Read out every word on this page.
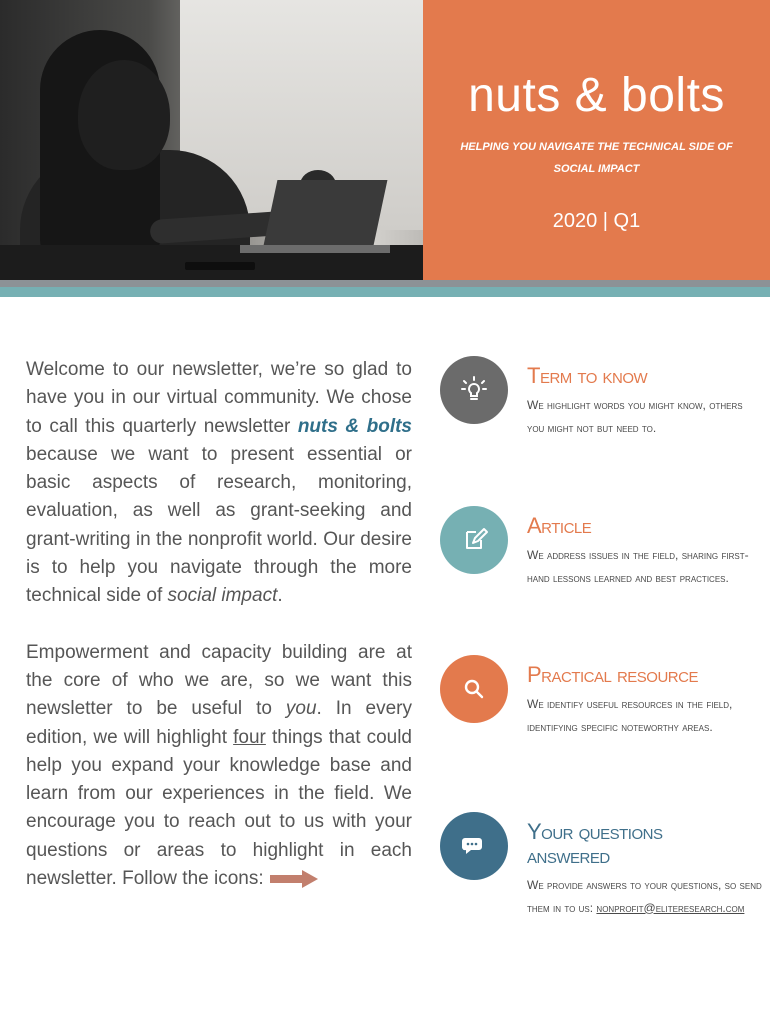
nuts & bolts
HELPING YOU NAVIGATE THE TECHNICAL SIDE OF SOCIAL IMPACT
2020 | Q1

Welcome to our newsletter, we’re so glad to have you in our virtual community. We chose to call this quarterly newsletter nuts & bolts because we want to present essential or basic aspects of research, monitoring, evaluation, as well as grant-seeking and grant-writing in the nonprofit world. Our desire is to help you navigate through the more technical side of social impact.

Empowerment and capacity building are at the core of who we are, so we want this newsletter to be useful to you. In every edition, we will highlight four things that could help you expand your knowledge base and learn from our experiences in the field. We encourage you to reach out to us with your questions or areas to highlight in each newsletter. Follow the icons:

Term to know
We highlight words you might know, others you might not but need to.
Article
We address issues in the field, sharing first-hand lessons learned and best practices.
Practical resource
We identify useful resources in the field, identifying specific noteworthy areas.
Your questions answered
We provide answers to your questions, so send them in to us: nonprofit@eliteresearch.com
